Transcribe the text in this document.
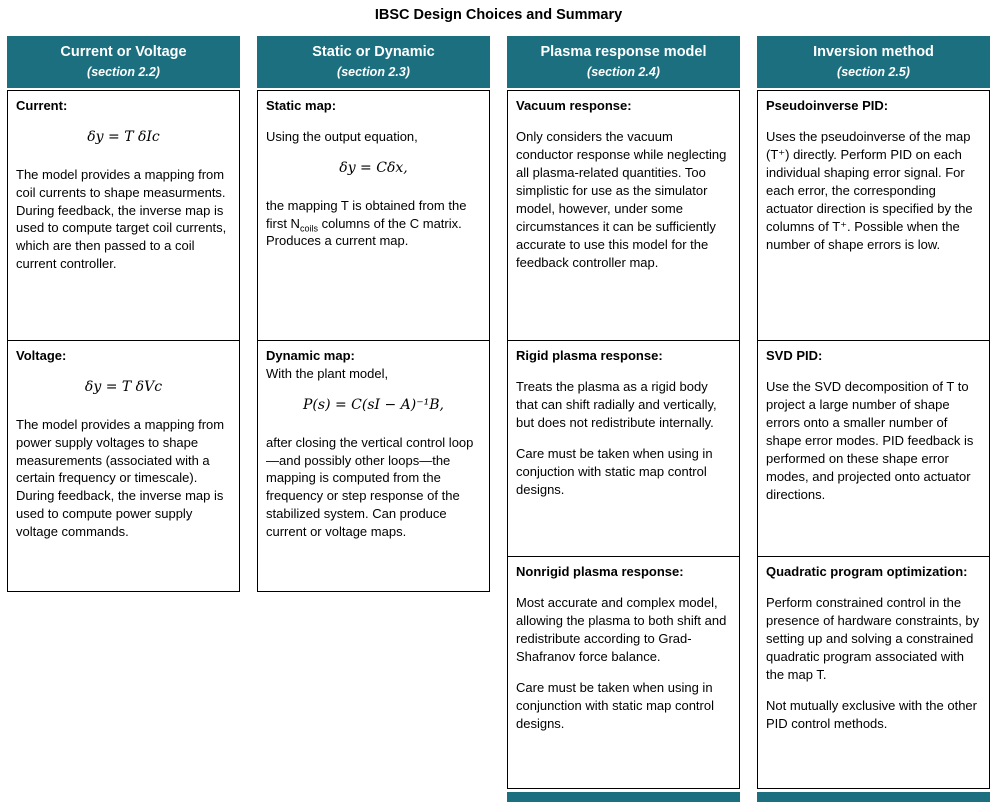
IBSC Design Choices and Summary
Current or Voltage
(section 2.2)
Current:
δy = T δIc
The model provides a mapping from coil currents to shape measurments. During feedback, the inverse map is used to compute target coil currents, which are then passed to a coil current controller.
Voltage:
δy = T δVc
The model provides a mapping from power supply voltages to shape measurements (associated with a certain frequency or timescale). During feedback, the inverse map is used to compute power supply voltage commands.
Static or Dynamic
(section 2.3)
Static map:
Using the output equation,
δy = Cδx,
the mapping T is obtained from the first $N_{coils}$ columns of the C matrix. Produces a current map.
Dynamic map:
With the plant model,
P(s) = C(sI − A)⁻¹B,
after closing the vertical control loop—and possibly other loops—the mapping is computed from the frequency or step response of the stabilized system. Can produce current or voltage maps.
Plasma response model
(section 2.4)
Vacuum response:
Only considers the vacuum conductor response while neglecting all plasma-related quantities. Too simplistic for use as the simulator model, however, under some circumstances it can be sufficiently accurate to use this model for the feedback controller map.
Rigid plasma response:
Treats the plasma as a rigid body that can shift radially and vertically, but does not redistribute internally.
Care must be taken when using in conjuction with static map control designs.
Nonrigid plasma response:
Most accurate and complex model, allowing the plasma to both shift and redistribute according to Grad-Shafranov force balance.
Care must be taken when using in conjunction with static map control designs.
Inversion method
(section 2.5)
Pseudoinverse PID:
Uses the pseudoinverse of the map (T⁺) directly. Perform PID on each individual shaping error signal. For each error, the corresponding actuator direction is specified by the columns of T⁺. Possible when the number of shape errors is low.
SVD PID:
Use the SVD decomposition of T to project a large number of shape errors onto a smaller number of shape error modes. PID feedback is performed on these shape error modes, and projected onto actuator directions.
Quadratic program optimization:
Perform constrained control in the presence of hardware constraints, by setting up and solving a constrained quadratic program associated with the map T.
Not mutually exclusive with the other PID control methods.
